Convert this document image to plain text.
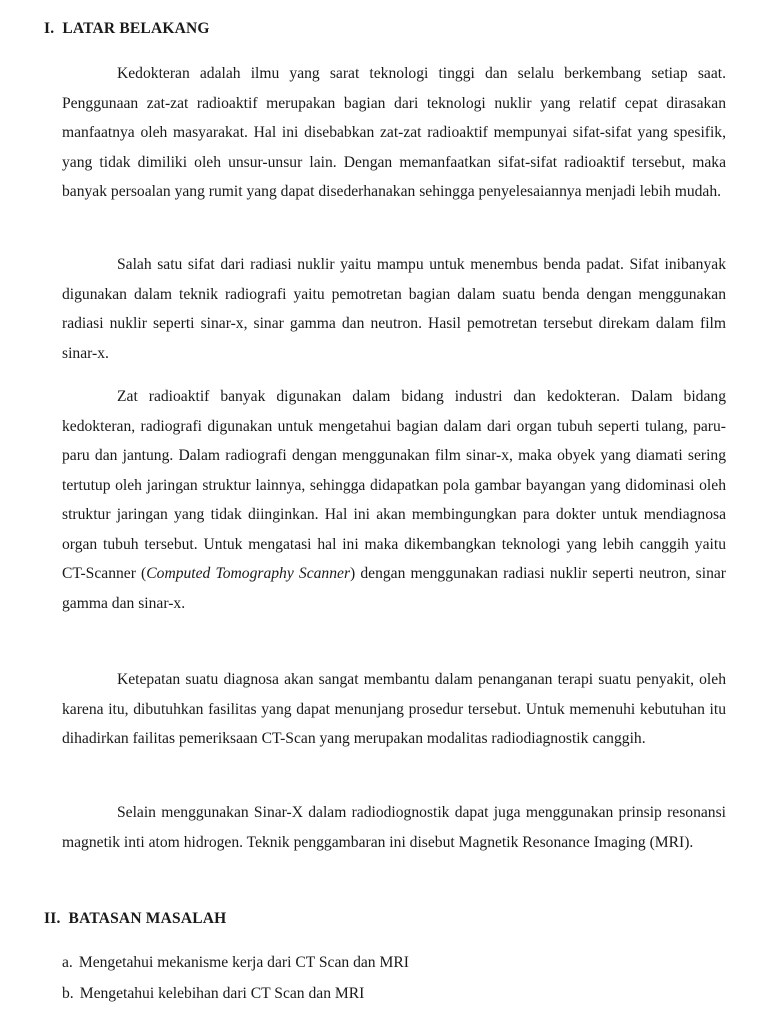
I. LATAR BELAKANG

Kedokteran adalah ilmu yang sarat teknologi tinggi dan selalu berkembang setiap saat. Penggunaan zat-zat radioaktif merupakan bagian dari teknologi nuklir yang relatif cepat dirasakan manfaatnya oleh masyarakat. Hal ini disebabkan zat-zat radioaktif mempunyai sifat-sifat yang spesifik, yang tidak dimiliki oleh unsur-unsur lain. Dengan memanfaatkan sifat-sifat radioaktif tersebut, maka banyak persoalan yang rumit yang dapat disederhanakan sehingga penyelesaiannya menjadi lebih mudah.

Salah satu sifat dari radiasi nuklir yaitu mampu untuk menembus benda padat. Sifat inibanyak digunakan dalam teknik radiografi yaitu pemotretan bagian dalam suatu benda dengan menggunakan radiasi nuklir seperti sinar-x, sinar gamma dan neutron. Hasil pemotretan tersebut direkam dalam film sinar-x.

Zat radioaktif banyak digunakan dalam bidang industri dan kedokteran. Dalam bidang kedokteran, radiografi digunakan untuk mengetahui bagian dalam dari organ tubuh seperti tulang, paru-paru dan jantung. Dalam radiografi dengan menggunakan film sinar-x, maka obyek yang diamati sering tertutup oleh jaringan struktur lainnya, sehingga didapatkan pola gambar bayangan yang didominasi oleh struktur jaringan yang tidak diinginkan. Hal ini akan membingungkan para dokter untuk mendiagnosa organ tubuh tersebut. Untuk mengatasi hal ini maka dikembangkan teknologi yang lebih canggih yaitu CT-Scanner (Computed Tomography Scanner) dengan menggunakan radiasi nuklir seperti neutron, sinar gamma dan sinar-x.

Ketepatan suatu diagnosa akan sangat membantu dalam penanganan terapi suatu penyakit, oleh karena itu, dibutuhkan fasilitas yang dapat menunjang prosedur tersebut. Untuk memenuhi kebutuhan itu dihadirkan failitas pemeriksaan CT-Scan yang merupakan modalitas radiodiagnostik canggih.

Selain menggunakan Sinar-X dalam radiodiognostik dapat juga menggunakan prinsip resonansi magnetik inti atom hidrogen. Teknik penggambaran ini disebut Magnetik Resonance Imaging (MRI).

II. BATASAN MASALAH

a. Mengetahui mekanisme kerja dari CT Scan dan MRI

b. Mengetahui kelebihan dari CT Scan dan MRI
